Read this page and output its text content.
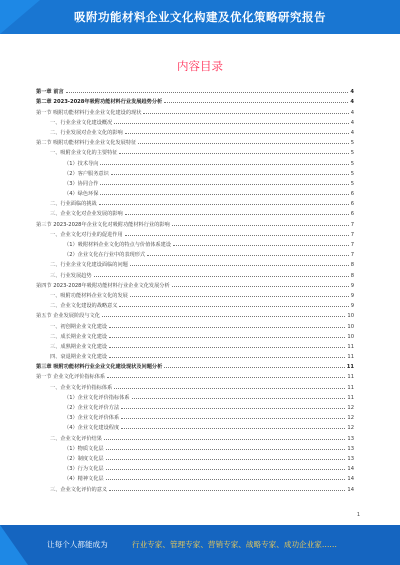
吸附功能材料企业文化构建及优化策略研究报告
内容目录
第一章 前言	4
第二章 2023-2028年吸附功能材料行业发展趋势分析	4
第一节 吸附功能材料行业企业文化建设的现状	4
一、行业企业文化建设概况	4
二、行业发展对企业文化的影响	4
第二节 吸附功能材料行业企业文化发展特征	5
一、吸附企业文化的主要特征	5
（1）技术导向	5
（2）客户服务意识	5
（3）协同合作	5
（4）绿色环保	6
二、行业面临的挑战	6
三、企业文化对企业发展的影响	6
第三节 2023-2028年企业文化对吸附功能材料行业的影响	7
一、企业文化对行业的促进作用	7
（1）吸附材料企业文化的特点与价值体系建设	7
（2）企业文化在行业中的表现形式	7
二、行业企业文化建设面临的问题	8
三、行业发展趋势	8
第四节 2023-2028年吸附功能材料行业企业文化发展分析	9
一、吸附功能材料企业文化的发展	9
二、企业文化建设的战略意义	9
第五节 企业发展阶段与文化	10
一、初创期企业文化建设	10
二、成长期企业文化建设	10
三、成熟期企业文化建设	11
四、衰退期企业文化建设	11
第三章 吸附功能材料行业企业文化建设现状及问题分析	11
第一节 企业文化评价指标体系	11
一、企业文化评价指标体系	11
（1）企业文化评价指标体系	11
（2）企业文化评价方法	12
（3）企业文化评价体系	12
（4）企业文化建设程度	12
二、企业文化评价结果	13
（1）物质文化层	13
（2）制度文化层	13
（3）行为文化层	14
（4）精神文化层	14
三、企业文化评价的意义	14
1
让每个人都能成为	行业专家、管理专家、营销专家、战略专家、成功企业家……
